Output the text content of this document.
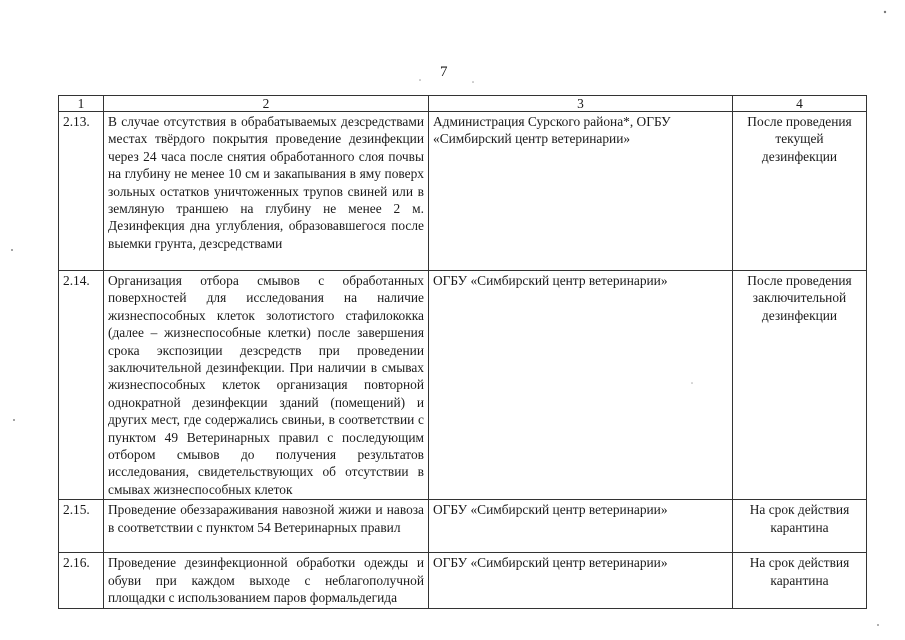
7
1	2	3	4
2.13.	В случае отсутствия в обрабатываемых дезсредствами местах твёрдого покрытия проведение дезинфекции через 24 часа после снятия обработанного слоя почвы на глубину не менее 10 см и закапывания в яму поверх зольных остатков уничтоженных трупов свиней или в земляную траншею на глубину не менее 2 м. Дезинфекция дна углубления, образовавшегося после выемки грунта, дезсредствами	Администрация Сурского района*, ОГБУ «Симбирский центр ветеринарии»	После проведения текущей дезинфекции
2.14.	Организация отбора смывов с обработанных поверхностей для исследования на наличие жизнеспособных клеток золотистого стафилококка (далее – жизнеспособные клетки) после завершения срока экспозиции дезсредств при проведении заключительной дезинфекции. При наличии в смывах жизнеспособных клеток организация повторной однократной дезинфекции зданий (помещений) и других мест, где содержались свиньи, в соответствии с пунктом 49 Ветеринарных правил с последующим отбором смывов до получения результатов исследования, свидетельствующих об отсутствии в смывах жизнеспособных клеток	ОГБУ «Симбирский центр ветеринарии»	После проведения заключительной дезинфекции
2.15.	Проведение обеззараживания навозной жижи и навоза в соответствии с пунктом 54 Ветеринарных правил	ОГБУ «Симбирский центр ветеринарии»	На срок действия карантина
2.16.	Проведение дезинфекционной обработки одежды и обуви при каждом выходе с неблагополучной площадки с использованием паров формальдегида	ОГБУ «Симбирский центр ветеринарии»	На срок действия карантина
